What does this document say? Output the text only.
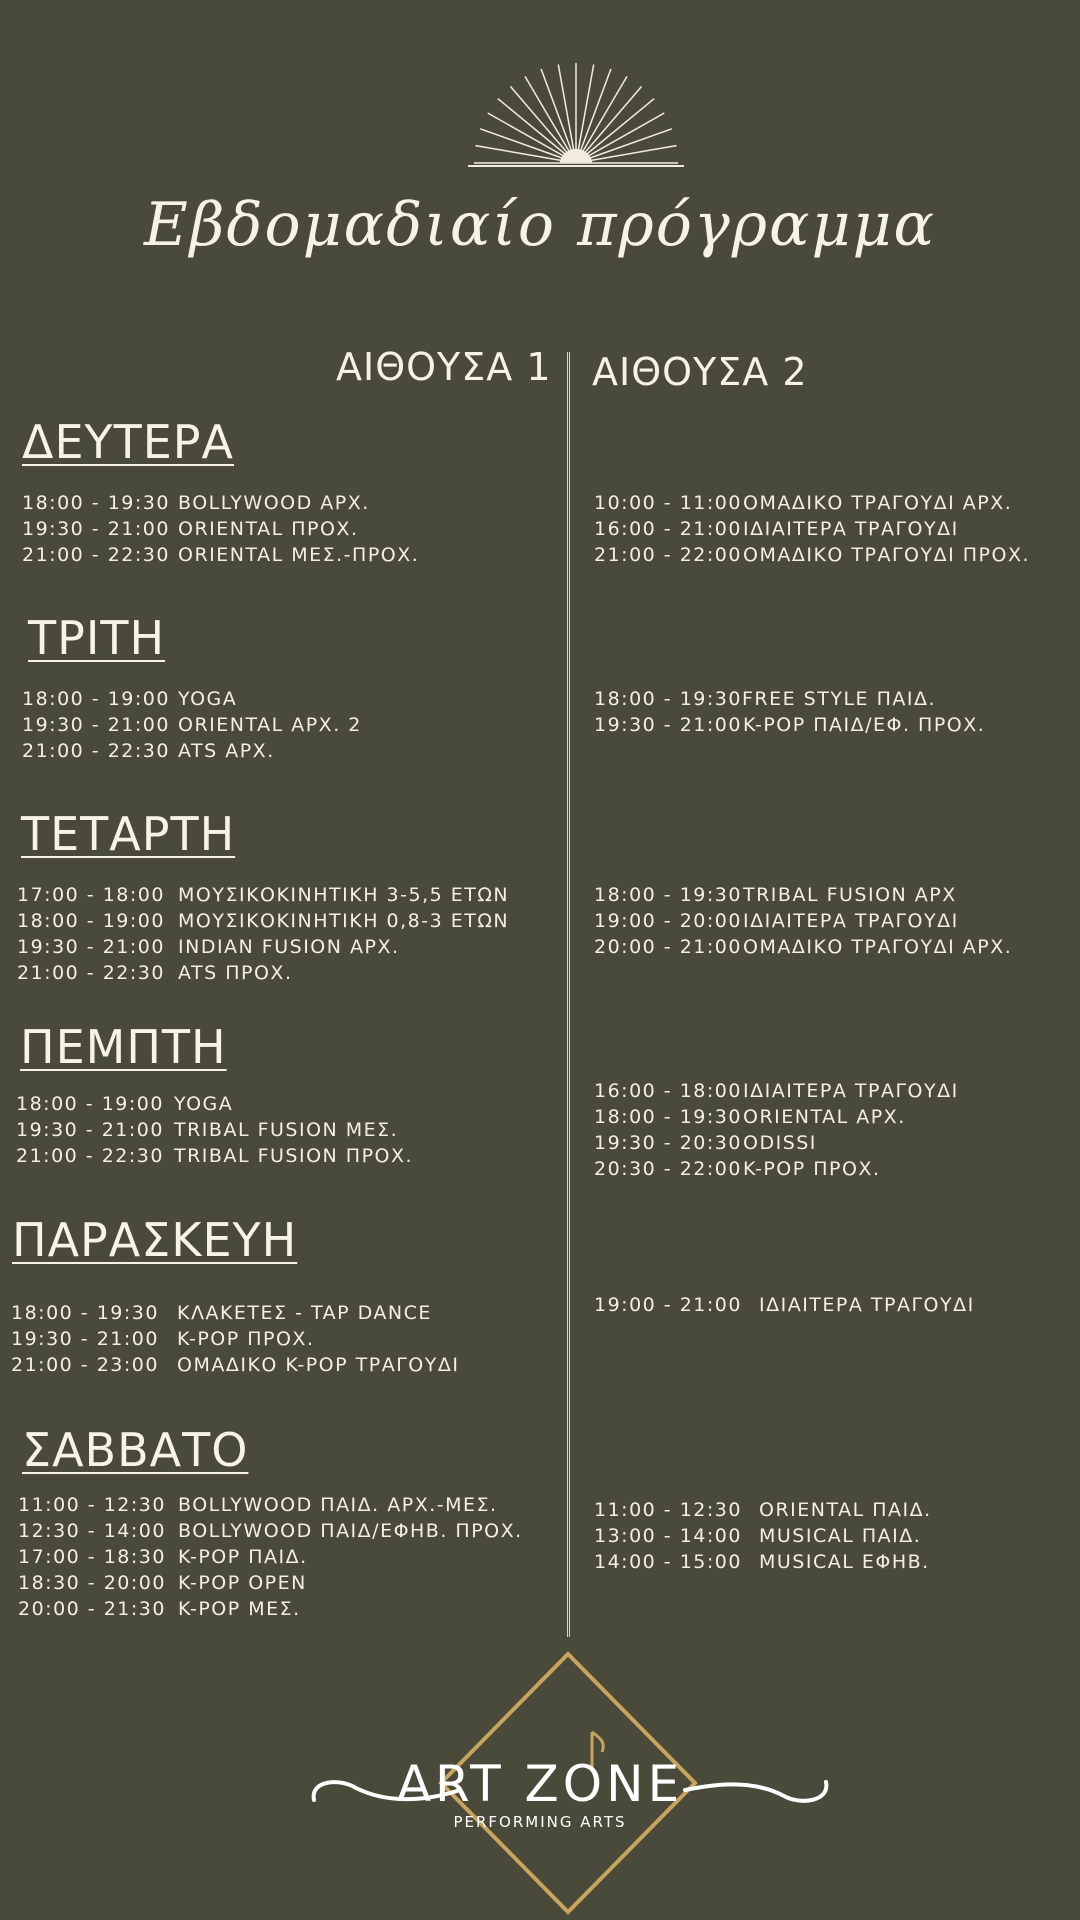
Εβδομαδιαίο πρόγραμμα
ΑΙΘΟΥΣΑ 1 ΑΙΘΟΥΣΑ 2
ΔΕΥΤΕΡΑ
18:00 - 19:30 BOLLYWOOD ΑΡΧ.
19:30 - 21:00 ORIENTAL ΠΡΟΧ.
21:00 - 22:30 ORIENTAL ΜΕΣ.-ΠΡΟΧ.
10:00 - 11:00 ΟΜΑΔΙΚΟ ΤΡΑΓΟΥΔΙ ΑΡΧ.
16:00 - 21:00 ΙΔΙΑΙΤΕΡΑ ΤΡΑΓΟΥΔΙ
21:00 - 22:00 ΟΜΑΔΙΚΟ ΤΡΑΓΟΥΔΙ ΠΡΟΧ.
ΤΡΙΤΗ
18:00 - 19:00 YOGA
19:30 - 21:00 ORIENTAL ΑΡΧ. 2
21:00 - 22:30 ATS ΑΡΧ.
18:00 - 19:30 FREE STYLE ΠΑΙΔ.
19:30 - 21:00 K-POP ΠΑΙΔ/ΕΦ. ΠΡΟΧ.
ΤΕΤΑΡΤΗ
17:00 - 18:00 ΜΟΥΣΙΚΟΚΙΝΗΤΙΚΗ 3-5,5 ΕΤΩΝ
18:00 - 19:00 ΜΟΥΣΙΚΟΚΙΝΗΤΙΚΗ 0,8-3 ΕΤΩΝ
19:30 - 21:00 INDIAN FUSION ΑΡΧ.
21:00 - 22:30 ATS ΠΡΟΧ.
18:00 - 19:30 TRIBAL FUSION ΑΡΧ
19:00 - 20:00 ΙΔΙΑΙΤΕΡΑ ΤΡΑΓΟΥΔΙ
20:00 - 21:00 ΟΜΑΔΙΚΟ ΤΡΑΓΟΥΔΙ ΑΡΧ.
ΠΕΜΠΤΗ
18:00 - 19:00 YOGA
19:30 - 21:00 TRIBAL FUSION ΜΕΣ.
21:00 - 22:30 TRIBAL FUSION ΠΡΟΧ.
16:00 - 18:00 ΙΔΙΑΙΤΕΡΑ ΤΡΑΓΟΥΔΙ
18:00 - 19:30 ORIENTAL ΑΡΧ.
19:30 - 20:30 ODISSI
20:30 - 22:00 K-POP ΠΡΟΧ.
ΠΑΡΑΣΚΕΥΗ
18:00 - 19:30 ΚΛΑΚΕΤΕΣ - TAP DANCE
19:30 - 21:00 K-POP ΠΡΟΧ.
21:00 - 23:00 ΟΜΑΔΙΚΟ K-POP ΤΡΑΓΟΥΔΙ
19:00 - 21:00 ΙΔΙΑΙΤΕΡΑ ΤΡΑΓΟΥΔΙ
ΣΑΒΒΑΤΟ
11:00 - 12:30 BOLLYWOOD ΠΑΙΔ. ΑΡΧ.-ΜΕΣ.
12:30 - 14:00 BOLLYWOOD ΠΑΙΔ/ΕΦΗΒ. ΠΡΟΧ.
17:00 - 18:30 K-POP ΠΑΙΔ.
18:30 - 20:00 K-POP OPEN
20:00 - 21:30 K-POP ΜΕΣ.
11:00 - 12:30 ORIENTAL ΠΑΙΔ.
13:00 - 14:00 MUSICAL ΠΑΙΔ.
14:00 - 15:00 MUSICAL ΕΦΗΒ.
ART ZONE
PERFORMING ARTS
